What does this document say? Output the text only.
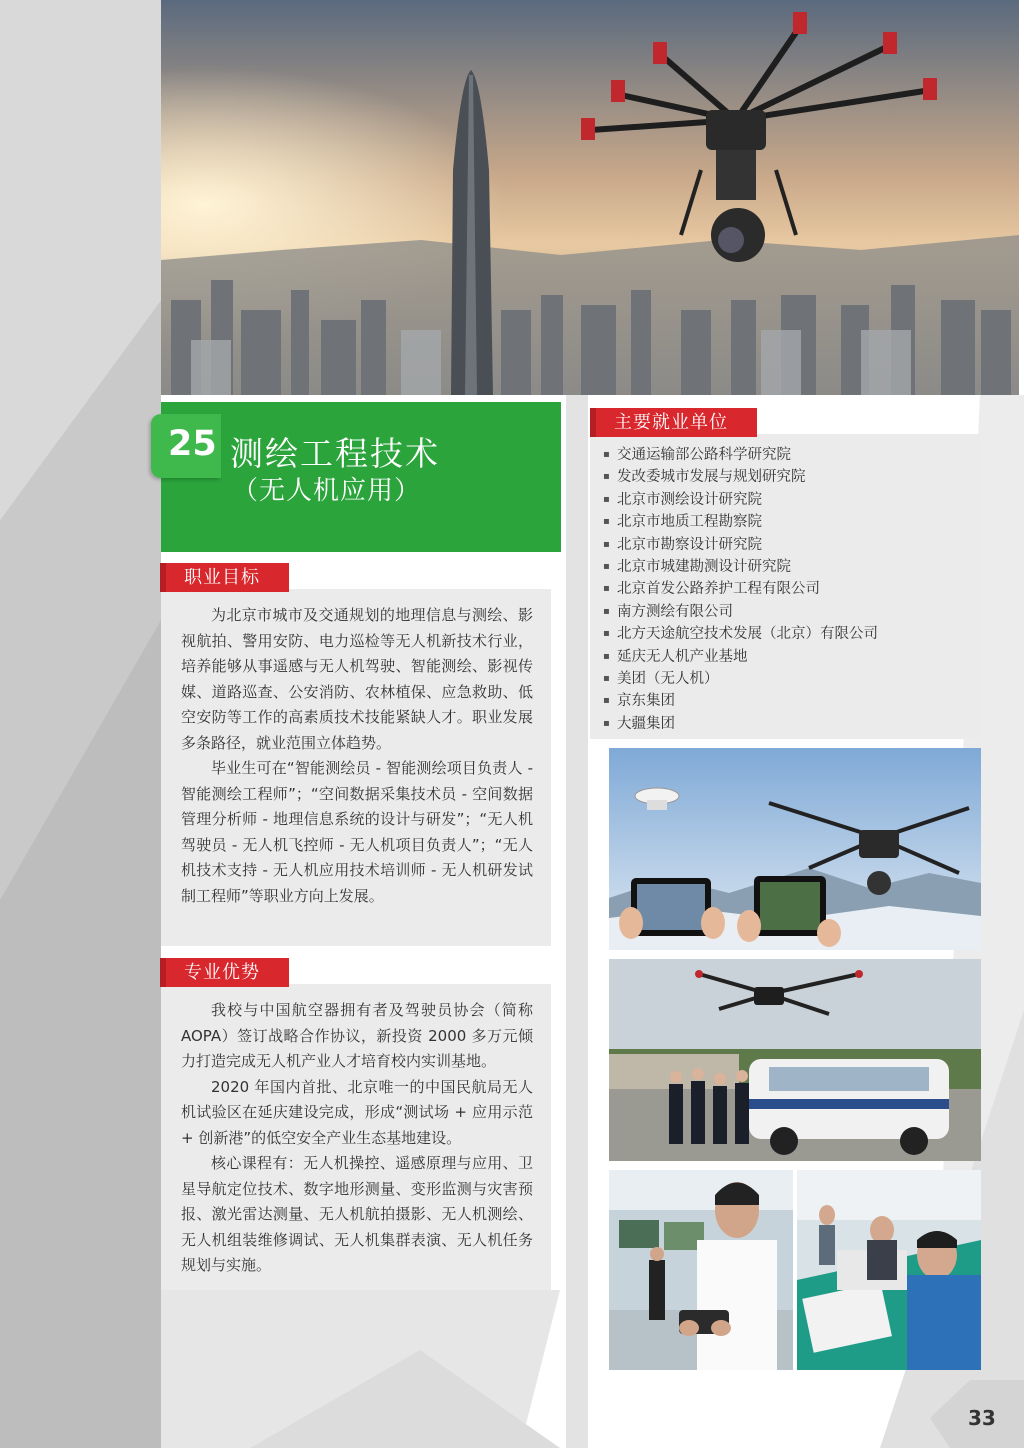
25 测绘工程技术
（无人机应用）
职业目标

为北京市城市及交通规划的地理信息与测绘、影视航拍、警用安防、电力巡检等无人机新技术行业，培养能够从事遥感与无人机驾驶、智能测绘、影视传媒、道路巡查、公安消防、农林植保、应急救助、低空安防等工作的高素质技术技能紧缺人才。职业发展多条路径，就业范围立体趋势。

毕业生可在“智能测绘员 - 智能测绘项目负责人 - 智能测绘工程师”；“空间数据采集技术员 - 空间数据管理分析师 - 地理信息系统的设计与研发”；“无人机驾驶员 - 无人机飞控师 - 无人机项目负责人”；“无人机技术支持 - 无人机应用技术培训师 - 无人机研发试制工程师”等职业方向上发展。

专业优势

我校与中国航空器拥有者及驾驶员协会（简称 AOPA）签订战略合作协议，新投资 2000 多万元倾力打造完成无人机产业人才培育校内实训基地。

2020 年国内首批、北京唯一的中国民航局无人机试验区在延庆建设完成，形成“测试场 + 应用示范 + 创新港”的低空安全产业生态基地建设。

核心课程有：无人机操控、遥感原理与应用、卫星导航定位技术、数字地形测量、变形监测与灾害预报、激光雷达测量、无人机航拍摄影、无人机测绘、无人机组装维修调试、无人机集群表演、无人机任务规划与实施。

主要就业单位
▪ 交通运输部公路科学研究院
▪ 发改委城市发展与规划研究院
▪ 北京市测绘设计研究院
▪ 北京市地质工程勘察院
▪ 北京市勘察设计研究院
▪ 北京市城建勘测设计研究院
▪ 北京首发公路养护工程有限公司
▪ 南方测绘有限公司
▪ 北方天途航空技术发展（北京）有限公司
▪ 延庆无人机产业基地
▪ 美团（无人机）
▪ 京东集团
▪ 大疆集团
33
